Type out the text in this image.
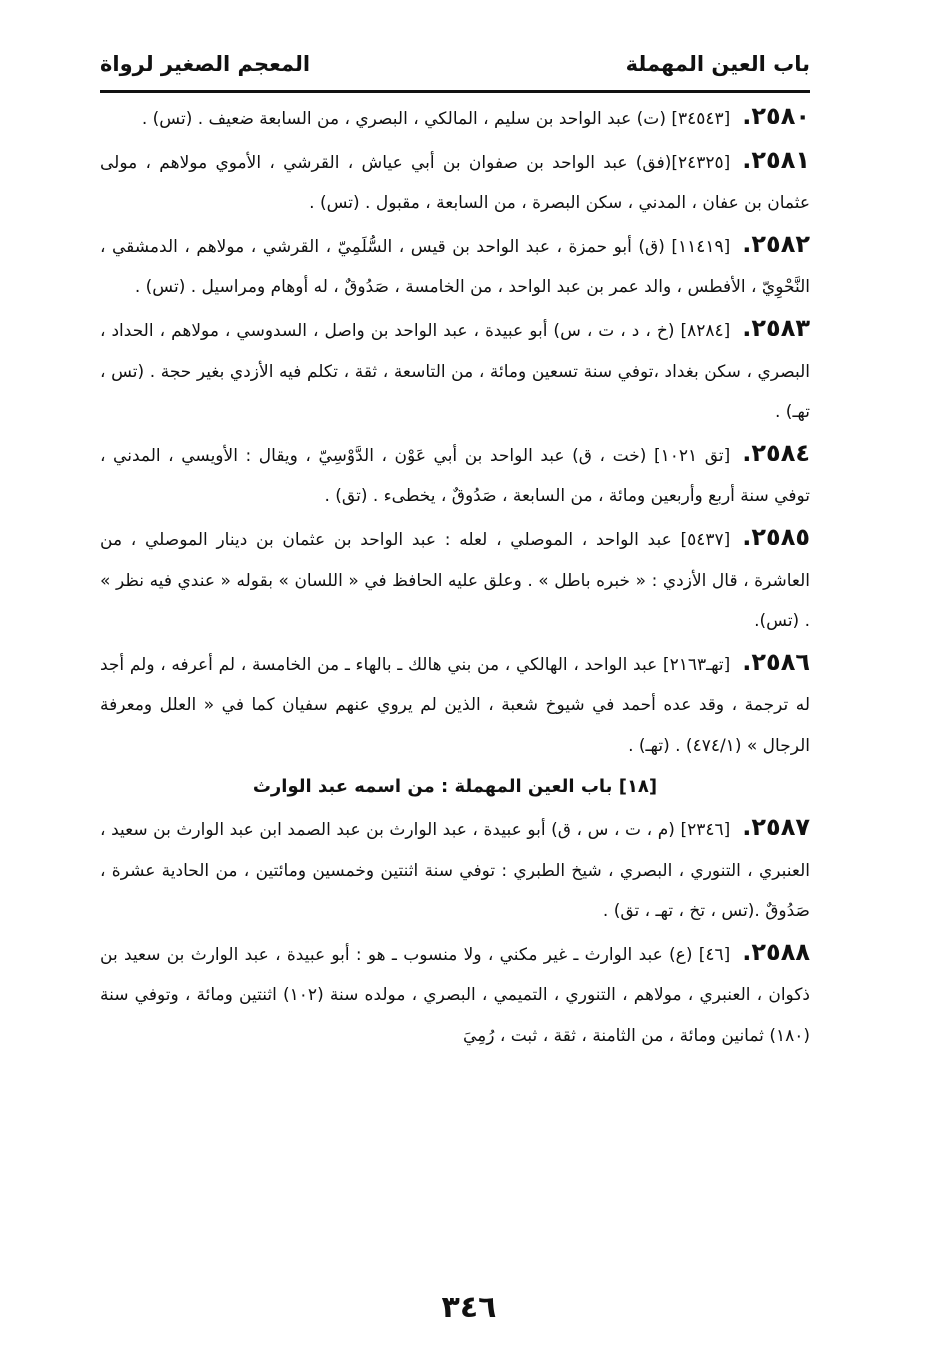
باب العين المهملة
المعجم الصغير لرواة

٢٥٨٠.[٣٤٥٤٣] (ت) عبد الواحد بن سليم ، المالكي ، البصري ، من السابعة ضعيف . (تس) .

٢٥٨١.[٢٤٣٢٥](فق) عبد الواحد بن صفوان بن أبي عياش ، القرشي ، الأموي مولاهم ، مولى عثمان بن عفان ، المدني ، سكن البصرة ، من السابعة ، مقبول . (تس) .

٢٥٨٢.[١١٤١٩] (ق) أبو حمزة ، عبد الواحد بن قيس ، السُّلَمِيّ ، القرشي ، مولاهم ، الدمشقي ، النَّحْوِيّ ، الأفطس ، والد عمر بن عبد الواحد ، من الخامسة ، صَدُوقٌ ، له أوهام ومراسيل . (تس) .

٢٥٨٣.[٨٢٨٤] (خ ، د ، ت ، س) أبو عبيدة ، عبد الواحد بن واصل ، السدوسي ، مولاهم ، الحداد ، البصري ، سكن بغداد ،توفي سنة تسعين ومائة ، من التاسعة ، ثقة ، تكلم فيه الأزدي بغير حجة . (تس ، تهـ) .

٢٥٨٤.[تق ١٠٢١] (خت ، ق) عبد الواحد بن أبي عَوْن ، الدَّوْسِيّ ، ويقال : الأويسي ، المدني ، توفي سنة أربع وأربعين ومائة ، من السابعة ، صَدُوقٌ ، يخطىء . (تق) .

٢٥٨٥.[٥٤٣٧] عبد الواحد ، الموصلي ، لعله : عبد الواحد بن عثمان بن دينار الموصلي ، من العاشرة ، قال الأزدي : « خبره باطل » . وعلق عليه الحافظ في « اللسان » بقوله « عندي فيه نظر » . (تس).

٢٥٨٦.[تهـ٢١٦٣] عبد الواحد ، الهالكي ، من بني هالك ـ بالهاء ـ من الخامسة ، لم أعرفه ، ولم أجد له ترجمة ، وقد عده أحمد في شيوخ شعبة ، الذين لم يروي عنهم سفيان كما في « العلل ومعرفة الرجال » (٤٧٤/١) . (تهـ) .

[١٨] باب العين المهملة : من اسمه عبد الوارث

٢٥٨٧.[٢٣٤٦] (م ، ت ، س ، ق) أبو عبيدة ، عبد الوارث بن عبد الصمد ابن عبد الوارث بن سعيد ، العنبري ، التنوري ، البصري ، شيخ الطبري : توفي سنة اثنتين وخمسين ومائتين ، من الحادية عشرة ، صَدُوقٌ .(تس ، تخ ، تهـ ، تق) .

٢٥٨٨.[٤٦] (ع) عبد الوارث ـ غير مكني ، ولا منسوب ـ هو : أبو عبيدة ، عبد الوارث بن سعيد بن ذكوان ، العنبري ، مولاهم ، التنوري ، التميمي ، البصري ، مولده سنة (١٠٢) اثنتين ومائة ، وتوفي سنة (١٨٠) ثمانين ومائة ، من الثامنة ، ثقة ، ثبت ، رُمِيَ

٣٤٦
